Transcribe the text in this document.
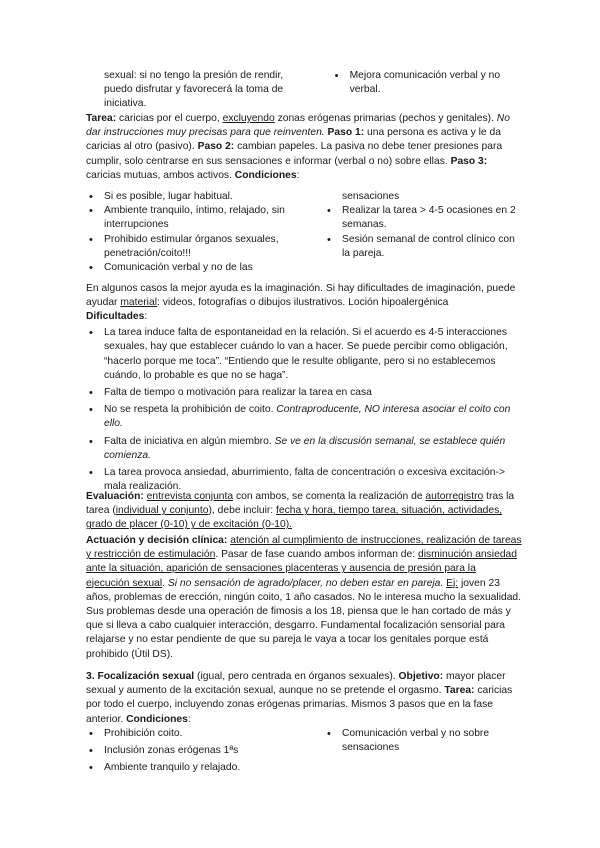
sexual: si no tengo la presión de rendir, puedo disfrutar y favorecerá la toma de iniciativa.
• Mejora comunicación verbal y no verbal.
Tarea: caricias por el cuerpo, excluyendo zonas erógenas primarias (pechos y genitales). No dar instrucciones muy precisas para que reinventen. Paso 1: una persona es activa y le da caricias al otro (pasivo). Paso 2: cambian papeles. La pasiva no debe tener presiones para cumplir, solo centrarse en sus sensaciones e informar (verbal o no) sobre ellas. Paso 3: caricias mutuas, ambos activos. Condiciones:
• Si es posible, lugar habitual.
• Ambiente tranquilo, íntimo, relajado, sin interrupciones
• Prohibido estimular órganos sexuales, penetración/coito!!!
• Comunicación verbal y no de las
sensaciones
• Realizar la tarea > 4-5 ocasiones en 2 semanas.
• Sesión semanal de control clínico con la pareja.
En algunos casos la mejor ayuda es la imaginación. Si hay dificultades de imaginación, puede ayudar material: videos, fotografías o dibujos ilustrativos. Loción hipoalergénica
Dificultades:
• La tarea induce falta de espontaneidad en la relación. Si el acuerdo es 4-5 interacciones sexuales, hay que establecer cuándo lo van a hacer. Se puede percibir como obligación, “hacerlo porque me toca”. “Entiendo que le resulte obligante, pero si no establecemos cuándo, lo probable es que no se haga”.
• Falta de tiempo o motivación para realizar la tarea en casa
• No se respeta la prohibición de coito. Contraproducente, NO interesa asociar el coito con ello.
• Falta de iniciativa en algún miembro. Se ve en la discusión semanal, se establece quién comienza.
• La tarea provoca ansiedad, aburrimiento, falta de concentración o excesiva excitación-> mala realización.
Evaluación: entrevista conjunta con ambos, se comenta la realización de autorregistro tras la tarea (individual y conjunto), debe incluir: fecha y hora, tiempo tarea, situación, actividades, grado de placer (0-10) y de excitación (0-10).
Actuación y decisión clínica: atención al cumplimiento de instrucciones, realización de tareas y restricción de estimulación. Pasar de fase cuando ambos informan de: disminución ansiedad ante la situación, aparición de sensaciones placenteras y ausencia de presión para la ejecución sexual. Si no sensación de agrado/placer, no deben estar en pareja. Ej: joven 23 años, problemas de erección, ningún coito, 1 año casados. No le interesa mucho la sexualidad. Sus problemas desde una operación de fimosis a los 18, piensa que le han cortado de más y que si lleva a cabo cualquier interacción, desgarro. Fundamental focalización sensorial para relajarse y no estar pendiente de que su pareja le vaya a tocar los genitales porque está prohibido (Útil DS).
3. Focalización sexual (igual, pero centrada en órganos sexuales). Objetivo: mayor placer sexual y aumento de la excitación sexual, aunque no se pretende el orgasmo. Tarea: caricias por todo el cuerpo, incluyendo zonas erógenas primarias. Mismos 3 pasos que en la fase anterior. Condiciones:
• Prohibición coito.
• Inclusión zonas erógenas 1ªs
• Ambiente tranquilo y relajado.
• Comunicación verbal y no sobre sensaciones
